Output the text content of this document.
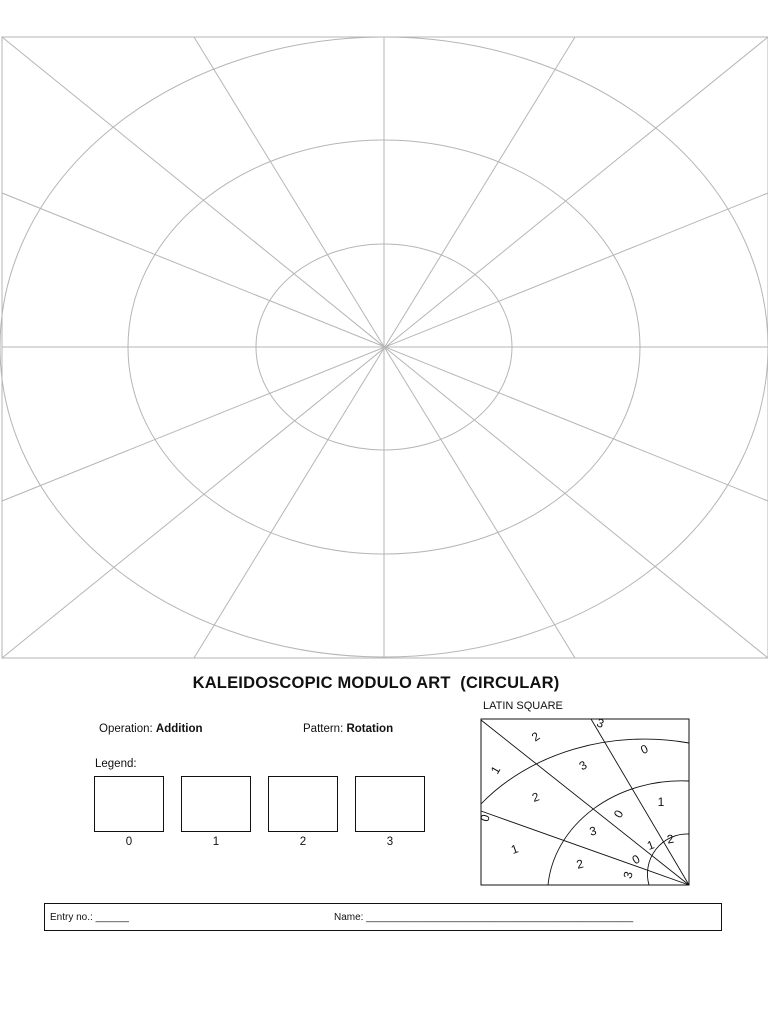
KALEIDOSCOPIC MODULO ART  (CIRCULAR)
LATIN SQUARE
Operation: Addition	Pattern: Rotation
Legend:
0	1	2	3
2
3
1
0
3
1
2
3
0
0
1
2
1 2
0
3
Entry no.: ______	Name: ________________________________________________
